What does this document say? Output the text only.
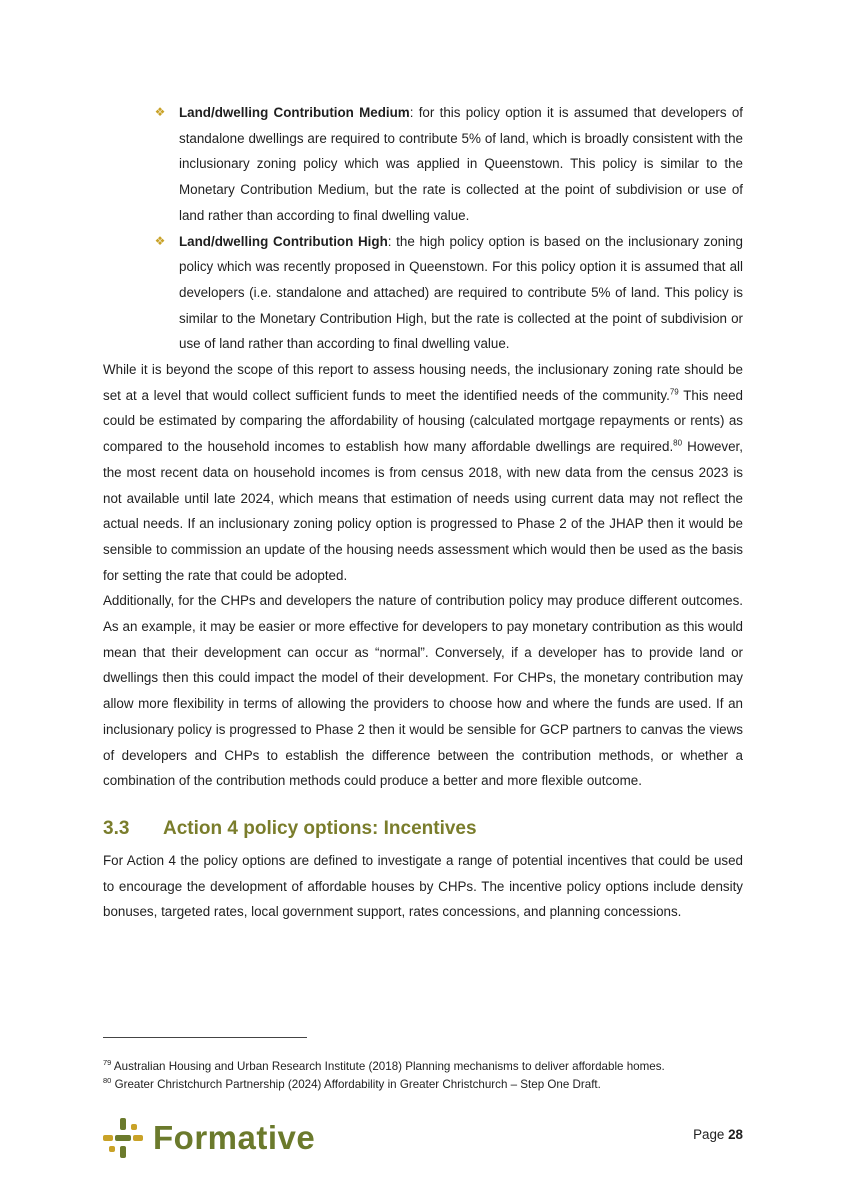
❖ Land/dwelling Contribution Medium: for this policy option it is assumed that developers of standalone dwellings are required to contribute 5% of land, which is broadly consistent with the inclusionary zoning policy which was applied in Queenstown. This policy is similar to the Monetary Contribution Medium, but the rate is collected at the point of subdivision or use of land rather than according to final dwelling value.
❖ Land/dwelling Contribution High: the high policy option is based on the inclusionary zoning policy which was recently proposed in Queenstown. For this policy option it is assumed that all developers (i.e. standalone and attached) are required to contribute 5% of land. This policy is similar to the Monetary Contribution High, but the rate is collected at the point of subdivision or use of land rather than according to final dwelling value.

While it is beyond the scope of this report to assess housing needs, the inclusionary zoning rate should be set at a level that would collect sufficient funds to meet the identified needs of the community.$^{79}$ This need could be estimated by comparing the affordability of housing (calculated mortgage repayments or rents) as compared to the household incomes to establish how many affordable dwellings are required.$^{80}$ However, the most recent data on household incomes is from census 2018, with new data from the census 2023 is not available until late 2024, which means that estimation of needs using current data may not reflect the actual needs. If an inclusionary zoning policy option is progressed to Phase 2 of the JHAP then it would be sensible to commission an update of the housing needs assessment which would then be used as the basis for setting the rate that could be adopted.

Additionally, for the CHPs and developers the nature of contribution policy may produce different outcomes. As an example, it may be easier or more effective for developers to pay monetary contribution as this would mean that their development can occur as “normal”. Conversely, if a developer has to provide land or dwellings then this could impact the model of their development. For CHPs, the monetary contribution may allow more flexibility in terms of allowing the providers to choose how and where the funds are used. If an inclusionary policy is progressed to Phase 2 then it would be sensible for GCP partners to canvas the views of developers and CHPs to establish the difference between the contribution methods, or whether a combination of the contribution methods could produce a better and more flexible outcome.

3.3 Action 4 policy options: Incentives

For Action 4 the policy options are defined to investigate a range of potential incentives that could be used to encourage the development of affordable houses by CHPs. The incentive policy options include density bonuses, targeted rates, local government support, rates concessions, and planning concessions.

$^{79}$ Australian Housing and Urban Research Institute (2018) Planning mechanisms to deliver affordable homes.
$^{80}$ Greater Christchurch Partnership (2024) Affordability in Greater Christchurch – Step One Draft.
Formative	Page 28
